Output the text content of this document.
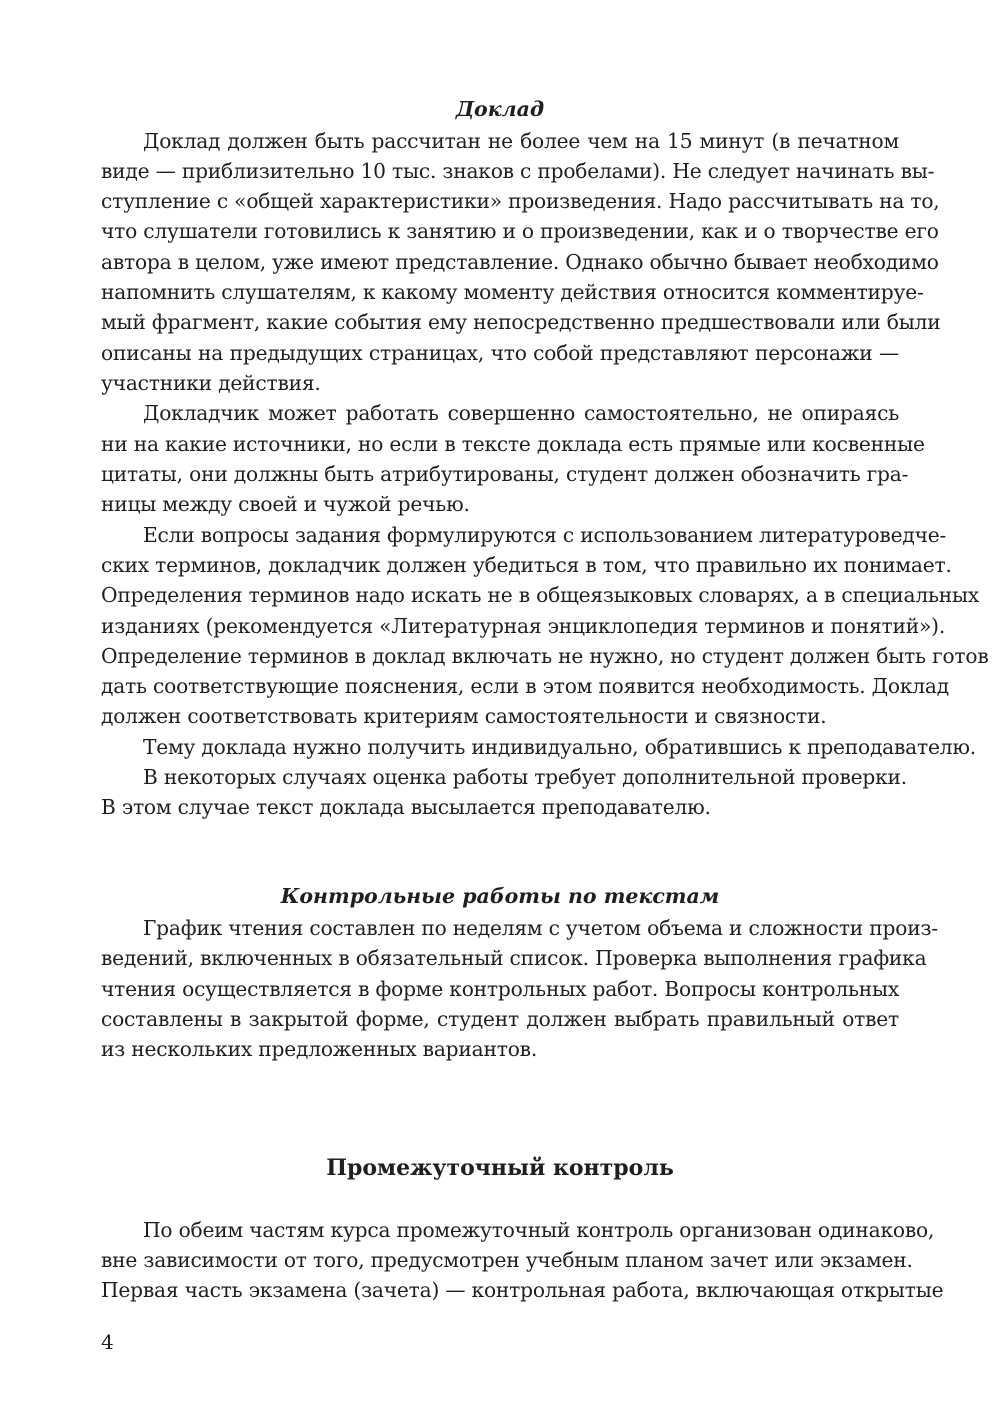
Доклад
Доклад должен быть рассчитан не более чем на 15 минут (в печатном
виде — приблизительно 10 тыс. знаков с пробелами). Не следует начинать вы-
ступление с «общей характеристики» произведения. Надо рассчитывать на то,
что слушатели готовились к занятию и о произведении, как и о творчестве его
автора в целом, уже имеют представление. Однако обычно бывает необходимо
напомнить слушателям, к какому моменту действия относится комментируе-
мый фрагмент, какие события ему непосредственно предшествовали или были
описаны на предыдущих страницах, что собой представляют персонажи —
участники действия.
Докладчик может работать совершенно самостоятельно, не опираясь
ни на какие источники, но если в тексте доклада есть прямые или косвенные
цитаты, они должны быть атрибутированы, студент должен обозначить гра-
ницы между своей и чужой речью.
Если вопросы задания формулируются с использованием литературоведче-
ских терминов, докладчик должен убедиться в том, что правильно их понимает.
Определения терминов надо искать не в общеязыковых словарях, а в специальных
изданиях (рекомендуется «Литературная энциклопедия терминов и понятий»).
Определение терминов в доклад включать не нужно, но студент должен быть готов
дать соответствующие пояснения, если в этом появится необходимость. Доклад
должен соответствовать критериям самостоятельности и связности.
Тему доклада нужно получить индивидуально, обратившись к преподавателю.
В некоторых случаях оценка работы требует дополнительной проверки.
В этом случае текст доклада высылается преподавателю.
Контрольные работы по текстам
График чтения составлен по неделям с учетом объема и сложности произ-
ведений, включенных в обязательный список. Проверка выполнения графика
чтения осуществляется в форме контрольных работ. Вопросы контрольных
составлены в закрытой форме, студент должен выбрать правильный ответ
из нескольких предложенных вариантов.
Промежуточный контроль
По обеим частям курса промежуточный контроль организован одинаково,
вне зависимости от того, предусмотрен учебным планом зачет или экзамен.
Первая часть экзамена (зачета) — контрольная работа, включающая открытые
4
